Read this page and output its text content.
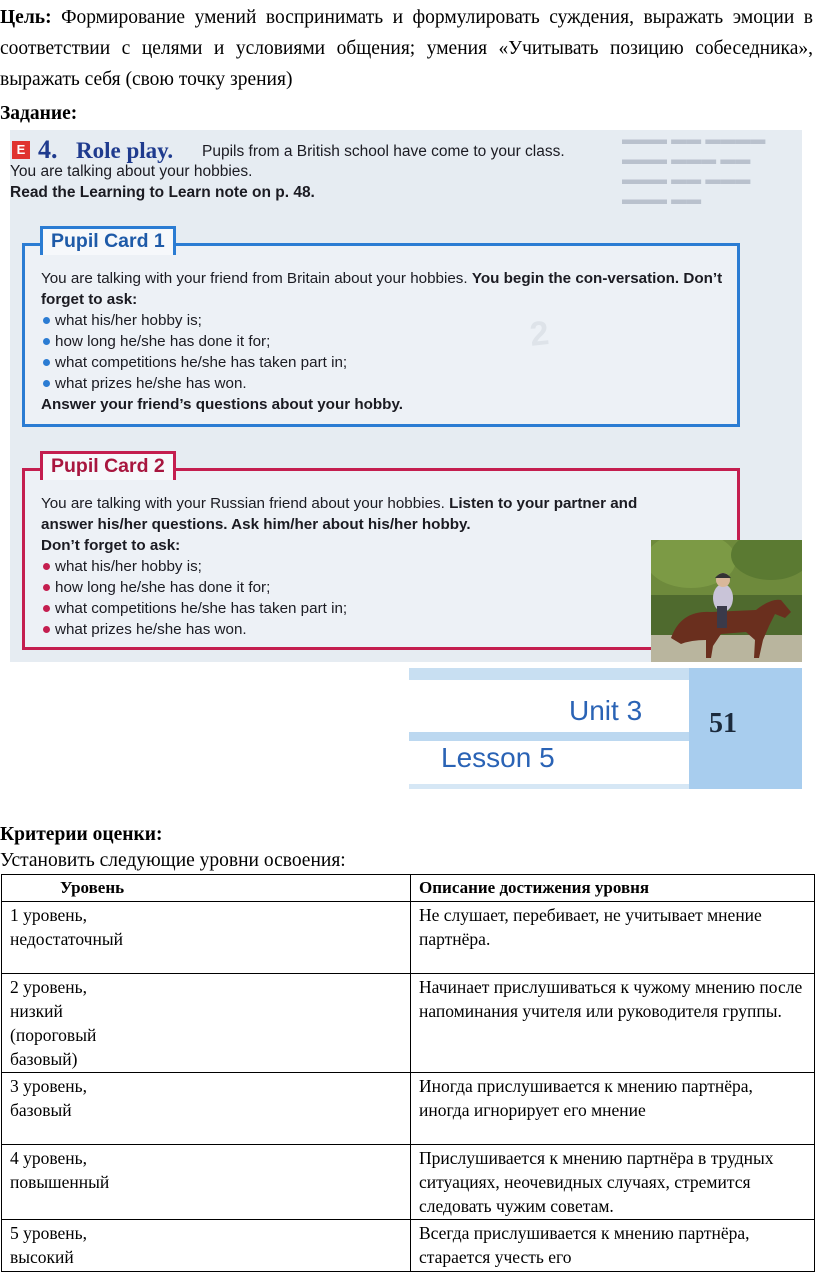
Цель: Формирование умений воспринимать и формулировать суждения, выражать эмоции в соответствии с целями и условиями общения; умения «Учитывать позицию собеседника», выражать себя (свою точку зрения)
Задание:
▬▬▬ ▬▬ ▬▬▬▬
▬▬▬ ▬▬▬ ▬▬
▬▬▬ ▬▬ ▬▬▬
▬▬▬ ▬▬
E 4. Role play. Pupils from a British school have come to your class.
You are talking about your hobbies.
Read the Learning to Learn note on p. 48.
Pupil Card 1
You are talking with your friend from Britain about your hobbies. You begin the con-versation. Don’t forget to ask:
what his/her hobby is;
how long he/she has done it for;
what competitions he/she has taken part in;
what prizes he/she has won.
Answer your friend’s questions about your hobby.
Pupil Card 2
You are talking with your Russian friend about your hobbies. Listen to your partner and answer his/her questions. Ask him/her about his/her hobby.
Don’t forget to ask:
what his/her hobby is;
how long he/she has done it for;
what competitions he/she has taken part in;
what prizes he/she has won.
Unit 3
Lesson 5
51
Критерии оценки:
Установить следующие уровни освоения:
Уровень	Описание достижения уровня

1 уровень,
недостаточный	Не слушает, перебивает, не учитывает мнение партнёра.

2 уровень,
низкий
(пороговый
базовый)	Начинает прислушиваться к чужому мнению после напоминания учителя или руководителя группы.

3 уровень,
базовый	Иногда прислушивается к мнению партнёра, иногда игнорирует его мнение

4 уровень,
повышенный	Прислушивается к мнению партнёра в трудных ситуациях, неочевидных случаях, стремится следовать чужим советам.

5 уровень,
высокий	Всегда прислушивается к мнению партнёра, старается учесть его
